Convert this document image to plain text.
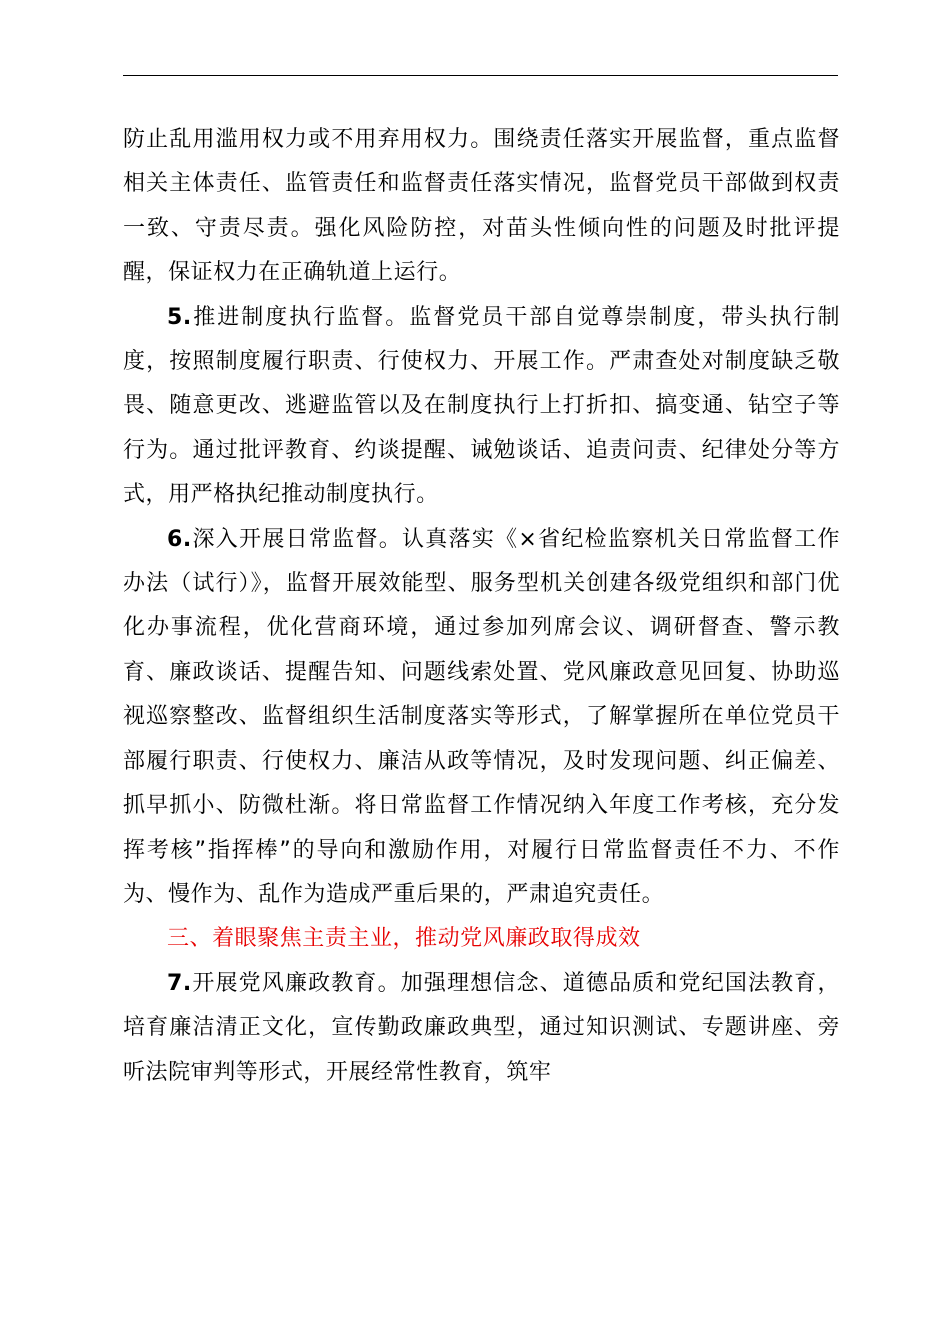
防止乱用滥用权力或不用弃用权力。围绕责任落实开展监督，重点监督相关主体责任、监管责任和监督责任落实情况，监督党员干部做到权责一致、守责尽责。强化风险防控，对苗头性倾向性的问题及时批评提醒，保证权力在正确轨道上运行。

5.推进制度执行监督。监督党员干部自觉尊崇制度，带头执行制度，按照制度履行职责、行使权力、开展工作。严肃查处对制度缺乏敬畏、随意更改、逃避监管以及在制度执行上打折扣、搞变通、钻空子等行为。通过批评教育、约谈提醒、诫勉谈话、追责问责、纪律处分等方式，用严格执纪推动制度执行。

6.深入开展日常监督。认真落实《×省纪检监察机关日常监督工作办法（试行）》，监督开展效能型、服务型机关创建各级党组织和部门优化办事流程，优化营商环境，通过参加列席会议、调研督查、警示教育、廉政谈话、提醒告知、问题线索处置、党风廉政意见回复、协助巡视巡察整改、监督组织生活制度落实等形式，了解掌握所在单位党员干部履行职责、行使权力、廉洁从政等情况，及时发现问题、纠正偏差、抓早抓小、防微杜渐。将日常监督工作情况纳入年度工作考核，充分发挥考核”指挥棒”的导向和激励作用，对履行日常监督责任不力、不作为、慢作为、乱作为造成严重后果的，严肃追究责任。

三、着眼聚焦主责主业，推动党风廉政取得成效

7.开展党风廉政教育。加强理想信念、道德品质和党纪国法教育，培育廉洁清正文化，宣传勤政廉政典型，通过知识测试、专题讲座、旁听法院审判等形式，开展经常性教育，筑牢
